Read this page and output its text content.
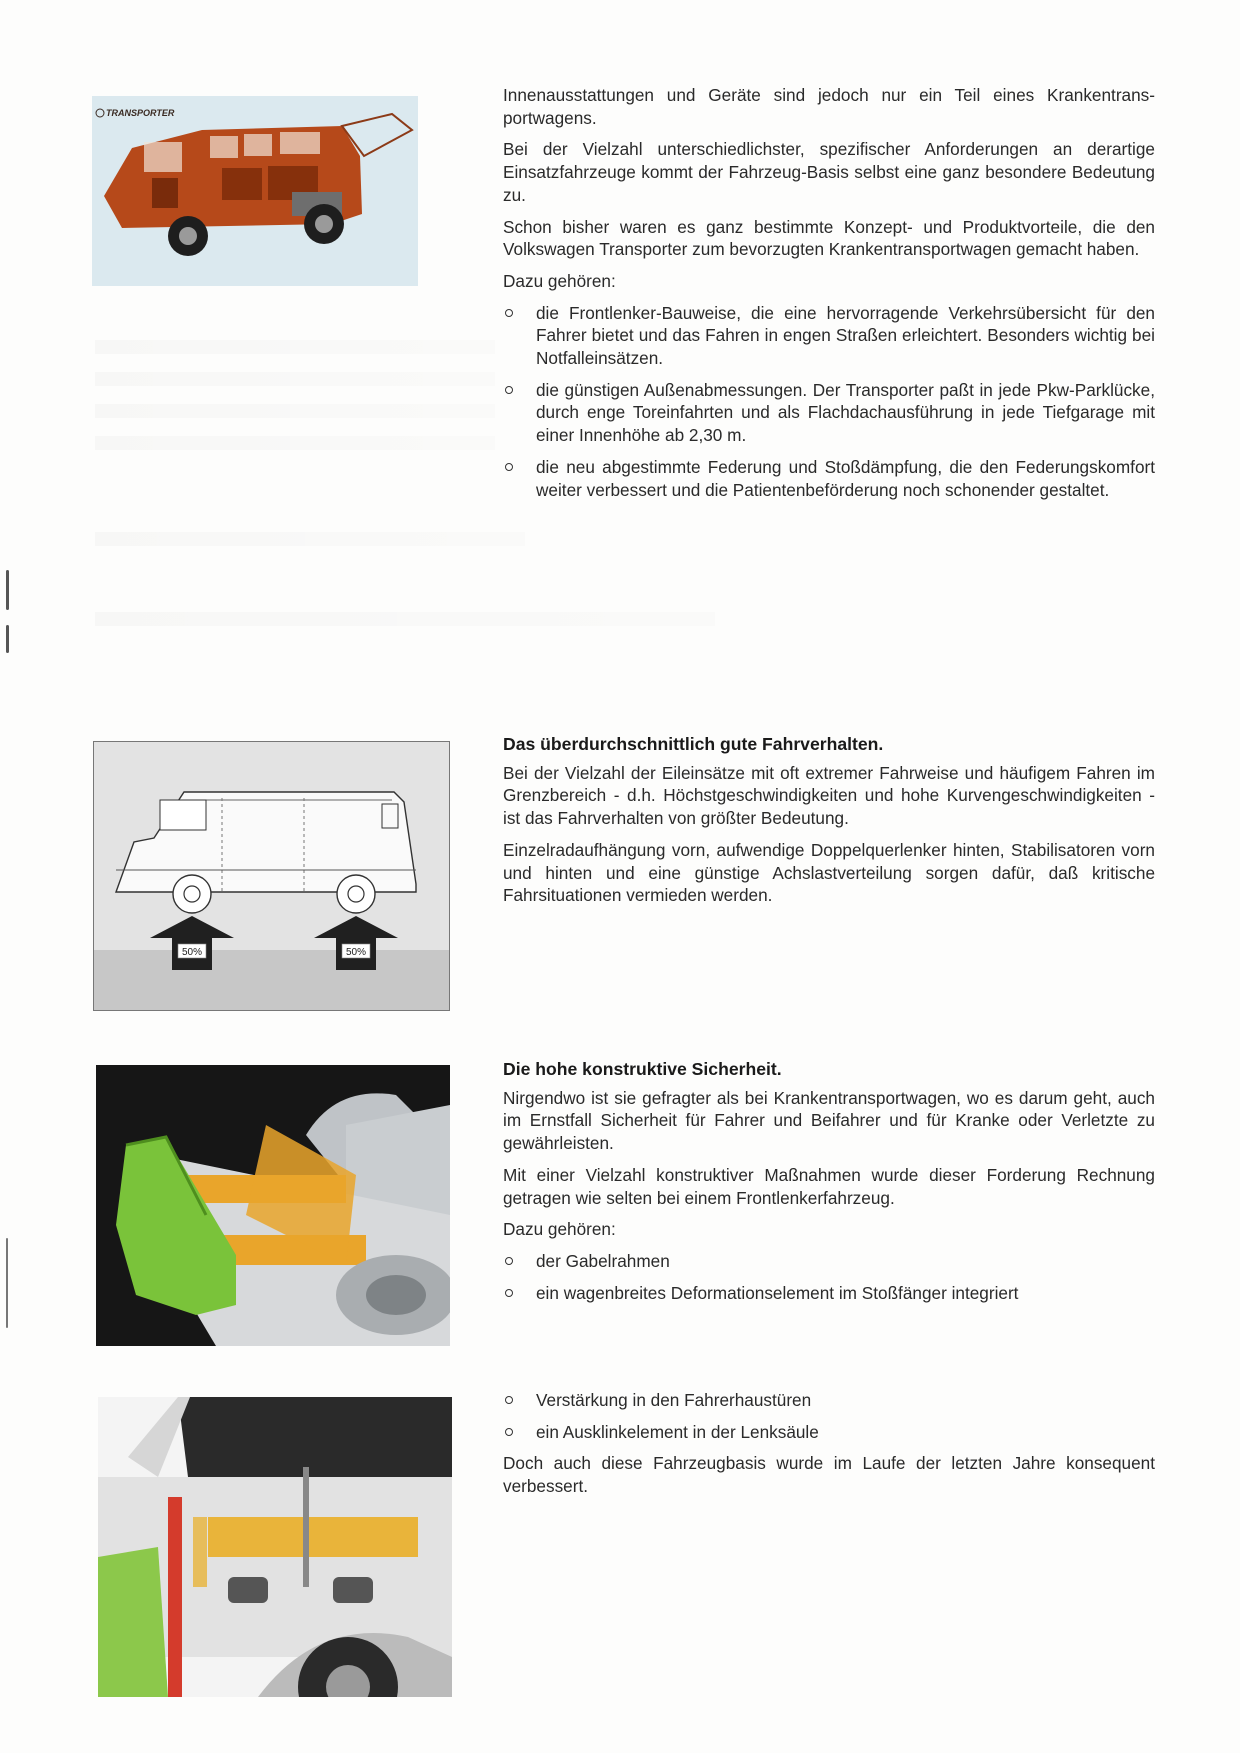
TRANSPORTER

Innenausstattungen und Geräte sind jedoch nur ein Teil eines Krankentransportwagens.

Bei der Vielzahl unterschiedlichster, spezifischer Anforderungen an derartige Einsatzfahrzeuge kommt der Fahrzeug-Basis selbst eine ganz besondere Bedeutung zu.

Schon bisher waren es ganz bestimmte Konzept- und Produktvorteile, die den Volkswagen Transporter zum bevorzugten Krankentransportwagen gemacht haben.

Dazu gehören:

die Frontlenker-Bauweise, die eine hervorragende Verkehrsübersicht für den Fahrer bietet und das Fahren in engen Straßen erleichtert. Besonders wichtig bei Notfalleinsätzen.
die günstigen Außenabmessungen. Der Transporter paßt in jede Pkw-Parklücke, durch enge Toreinfahrten und als Flachdachausführung in jede Tiefgarage mit einer Innenhöhe ab 2,30 m.
die neu abgestimmte Federung und Stoßdämpfung, die den Federungskomfort weiter verbessert und die Patientenbeförderung noch schonender gestaltet.
50%	50%
Das überdurchschnittlich gute Fahrverhalten.

Bei der Vielzahl der Eileinsätze mit oft extremer Fahrweise und häufigem Fahren im Grenzbereich - d.h. Höchstgeschwindigkeiten und hohe Kurvengeschwindigkeiten - ist das Fahrverhalten von größter Bedeutung.

Einzelradaufhängung vorn, aufwendige Doppelquerlenker hinten, Stabilisatoren vorn und hinten und eine günstige Achslastverteilung sorgen dafür, daß kritische Fahrsituationen vermieden werden.

Die hohe konstruktive Sicherheit.

Nirgendwo ist sie gefragter als bei Krankentransportwagen, wo es darum geht, auch im Ernstfall Sicherheit für Fahrer und Beifahrer und für Kranke oder Verletzte zu gewährleisten.

Mit einer Vielzahl konstruktiver Maßnahmen wurde dieser Forderung Rechnung getragen wie selten bei einem Frontlenkerfahrzeug.

Dazu gehören:

der Gabelrahmen
ein wagenbreites Deformationselement im Stoßfänger integriert
Verstärkung in den Fahrerhaustüren
ein Ausklinkelement in der Lenksäule

Doch auch diese Fahrzeugbasis wurde im Laufe der letzten Jahre konsequent verbessert.
